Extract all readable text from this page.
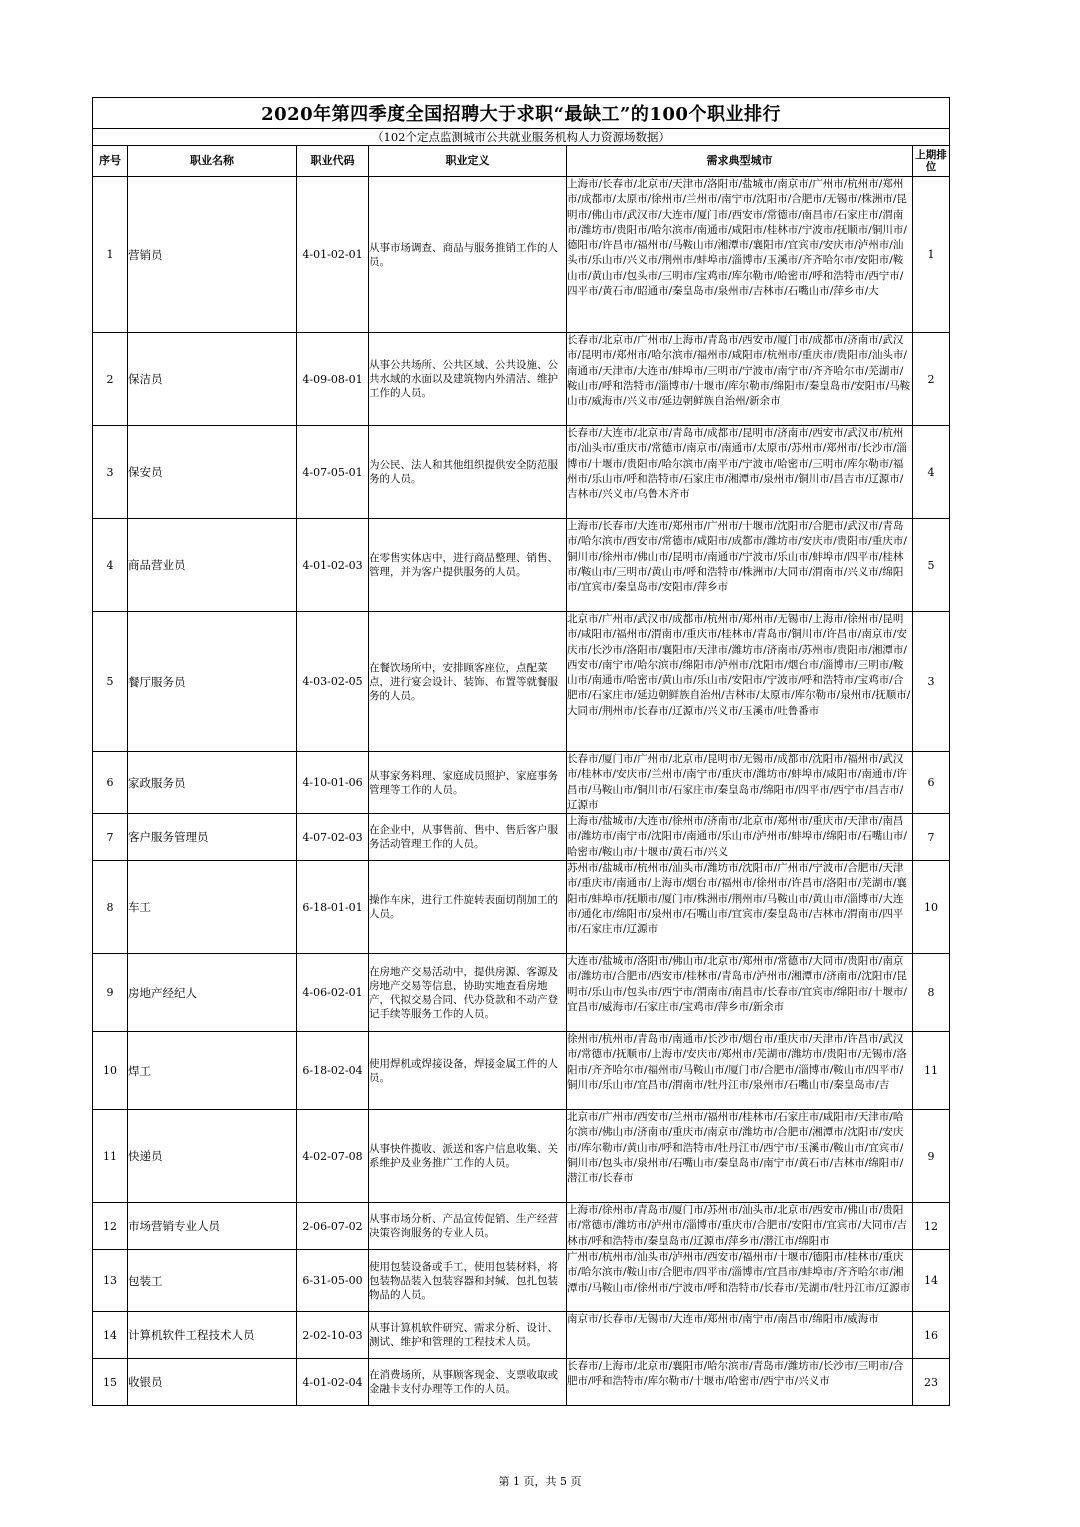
2020年第四季度全国招聘大于求职“最缺工”的100个职业排行					
（102个定点监测城市公共就业服务机构人力资源场数据）					
序号	职业名称	职业代码	职业定义	需求典型城市	上期排位
1	营销员	4-01-02-01	从事市场调查、商品与服务推销工作的人员。	上海市/长春市/北京市/天津市/洛阳市/盐城市/南京市/广州市/杭州市/郑州市/成都市/太原市/徐州市/兰州市/南宁市/沈阳市/合肥市/无锡市/株洲市/昆明市/佛山市/武汉市/大连市/厦门市/西安市/常德市/南昌市/石家庄市/渭南市/潍坊市/贵阳市/哈尔滨市/南通市/咸阳市/桂林市/宁波市/抚顺市/铜川市/德阳市/许昌市/福州市/马鞍山市/湘潭市/襄阳市/宜宾市/安庆市/泸州市/汕头市/乐山市/兴义市/荆州市/蚌埠市/淄博市/玉溪市/齐齐哈尔市/安阳市/鞍山市/黄山市/包头市/三明市/宝鸡市/库尔勒市/哈密市/呼和浩特市/西宁市/四平市/黄石市/昭通市/秦皇岛市/泉州市/吉林市/石嘴山市/萍乡市/大	1
2	保洁员	4-09-08-01	从事公共场所、公共区域、公共设施、公共水域的水面以及建筑物内外清洁、维护工作的人员。	长春市/北京市/广州市/上海市/青岛市/西安市/厦门市/成都市/济南市/武汉市/昆明市/郑州市/哈尔滨市/福州市/咸阳市/杭州市/重庆市/贵阳市/汕头市/南通市/天津市/大连市/蚌埠市/三明市/宁波市/南宁市/齐齐哈尔市/芜湖市/鞍山市/呼和浩特市/淄博市/十堰市/库尔勒市/绵阳市/秦皇岛市/安阳市/马鞍山市/威海市/兴义市/延边朝鲜族自治州/新余市	2
3	保安员	4-07-05-01	为公民、法人和其他组织提供安全防范服务的人员。	长春市/大连市/北京市/青岛市/成都市/昆明市/济南市/西安市/武汉市/杭州市/汕头市/重庆市/常德市/南京市/南通市/太原市/苏州市/郑州市/长沙市/淄博市/十堰市/贵阳市/哈尔滨市/南平市/宁波市/哈密市/三明市/库尔勒市/福州市/乐山市/呼和浩特市/石家庄市/湘潭市/泉州市/铜川市/昌吉市/辽源市/吉林市/兴义市/乌鲁木齐市	4
4	商品营业员	4-01-02-03	在零售实体店中，进行商品整理、销售、管理，并为客户提供服务的人员。	上海市/长春市/大连市/郑州市/广州市/十堰市/沈阳市/合肥市/武汉市/青岛市/哈尔滨市/西安市/常德市/咸阳市/成都市/潍坊市/安庆市/贵阳市/重庆市/铜川市/徐州市/佛山市/昆明市/南通市/宁波市/乐山市/蚌埠市/四平市/桂林市/鞍山市/三明市/黄山市/呼和浩特市/株洲市/大同市/渭南市/兴义市/绵阳市/宜宾市/秦皇岛市/安阳市/萍乡市	5
5	餐厅服务员	4-03-02-05	在餐饮场所中，安排顾客座位，点配菜点，进行宴会设计、装饰、布置等就餐服务的人员。	北京市/广州市/武汉市/成都市/杭州市/郑州市/无锡市/上海市/徐州市/昆明市/咸阳市/福州市/渭南市/重庆市/桂林市/青岛市/铜川市/许昌市/南京市/安庆市/长沙市/洛阳市/襄阳市/天津市/潍坊市/济南市/苏州市/贵阳市/湘潭市/西安市/南宁市/哈尔滨市/绵阳市/泸州市/沈阳市/烟台市/淄博市/三明市/鞍山市/南通市/哈密市/黄山市/乐山市/安阳市/宁波市/呼和浩特市/宝鸡市/合肥市/石家庄市/延边朝鲜族自治州/吉林市/太原市/库尔勒市/泉州市/抚顺市/大同市/荆州市/长春市/辽源市/兴义市/玉溪市/吐鲁番市	3
6	家政服务员	4-10-01-06	从事家务料理、家庭成员照护、家庭事务管理等工作的人员。	长春市/厦门市/广州市/北京市/昆明市/无锡市/成都市/沈阳市/福州市/武汉市/桂林市/安庆市/兰州市/南宁市/重庆市/潍坊市/蚌埠市/咸阳市/南通市/许昌市/马鞍山市/铜川市/石家庄市/秦皇岛市/绵阳市/四平市/西宁市/昌吉市/辽源市	6
7	客户服务管理员	4-07-02-03	在企业中，从事售前、售中、售后客户服务活动管理工作的人员。	上海市/盐城市/大连市/徐州市/济南市/北京市/郑州市/重庆市/天津市/南昌市/潍坊市/南宁市/沈阳市/南通市/乐山市/泸州市/蚌埠市/绵阳市/石嘴山市/哈密市/鞍山市/十堰市/黄石市/兴义	7
8	车工	6-18-01-01	操作车床，进行工件旋转表面切削加工的人员。	苏州市/盐城市/杭州市/汕头市/潍坊市/沈阳市/广州市/宁波市/合肥市/天津市/重庆市/南通市/上海市/烟台市/福州市/徐州市/许昌市/洛阳市/芜湖市/襄阳市/蚌埠市/抚顺市/厦门市/株洲市/荆州市/马鞍山市/黄山市/淄博市/大连市/通化市/绵阳市/泉州市/石嘴山市/宜宾市/秦皇岛市/吉林市/渭南市/四平市/石家庄市/辽源市	10
9	房地产经纪人	4-06-02-01	在房地产交易活动中，提供房源、客源及房地产交易等信息，协助实地查看房地产，代拟交易合同、代办贷款和不动产登记手续等服务工作的人员。	大连市/盐城市/洛阳市/佛山市/北京市/郑州市/常德市/大同市/贵阳市/南京市/潍坊市/合肥市/西安市/桂林市/青岛市/泸州市/湘潭市/济南市/沈阳市/昆明市/乐山市/包头市/西宁市/渭南市/南昌市/长春市/宜宾市/绵阳市/十堰市/宜昌市/威海市/石家庄市/宝鸡市/萍乡市/新余市	8
10	焊工	6-18-02-04	使用焊机或焊接设备，焊接金属工件的人员。	徐州市/杭州市/青岛市/南通市/长沙市/烟台市/重庆市/天津市/许昌市/武汉市/常德市/抚顺市/上海市/安庆市/郑州市/芜湖市/潍坊市/贵阳市/无锡市/洛阳市/齐齐哈尔市/福州市/马鞍山市/厦门市/合肥市/淄博市/鞍山市/四平市/铜川市/乐山市/宜昌市/渭南市/牡丹江市/泉州市/石嘴山市/秦皇岛市/吉	11
11	快递员	4-02-07-08	从事快件揽收、派送和客户信息收集、关系维护及业务推广工作的人员。	北京市/广州市/西安市/兰州市/福州市/桂林市/石家庄市/咸阳市/天津市/哈尔滨市/佛山市/济南市/重庆市/南京市/潍坊市/合肥市/湘潭市/沈阳市/安庆市/库尔勒市/黄山市/呼和浩特市/牡丹江市/西宁市/玉溪市/鞍山市/宜宾市/铜川市/包头市/泉州市/石嘴山市/秦皇岛市/南宁市/黄石市/吉林市/绵阳市/潜江市/长春市	9
12	市场营销专业人员	2-06-07-02	从事市场分析、产品宣传促销、生产经营决策咨询服务的专业人员。	上海市/徐州市/青岛市/厦门市/苏州市/汕头市/北京市/西安市/佛山市/贵阳市/常德市/潍坊市/泸州市/淄博市/重庆市/合肥市/安阳市/宜宾市/大同市/吉林市/呼和浩特市/秦皇岛市/辽源市/萍乡市/潜江市/绵阳市	12
13	包装工	6-31-05-00	使用包装设备或手工，使用包装材料，将包装物品装入包装容器和封缄、包扎包装物品的人员。	广州市/杭州市/汕头市/泸州市/西安市/福州市/十堰市/德阳市/桂林市/重庆市/哈尔滨市/鞍山市/合肥市/四平市/淄博市/宜昌市/蚌埠市/齐齐哈尔市/湘潭市/马鞍山市/徐州市/宁波市/呼和浩特市/长春市/芜湖市/牡丹江市/辽源市	14
14	计算机软件工程技术人员	2-02-10-03	从事计算机软件研究、需求分析、设计、测试、维护和管理的工程技术人员。	南京市/长春市/无锡市/大连市/郑州市/南宁市/南昌市/绵阳市/威海市	16
15	收银员	4-01-02-04	在消费场所，从事顾客现金、支票收取或金融卡支付办理等工作的人员。	长春市/上海市/北京市/襄阳市/哈尔滨市/青岛市/潍坊市/长沙市/三明市/合肥市/呼和浩特市/库尔勒市/十堰市/哈密市/西宁市/兴义市	23
第 1 页，共 5 页
